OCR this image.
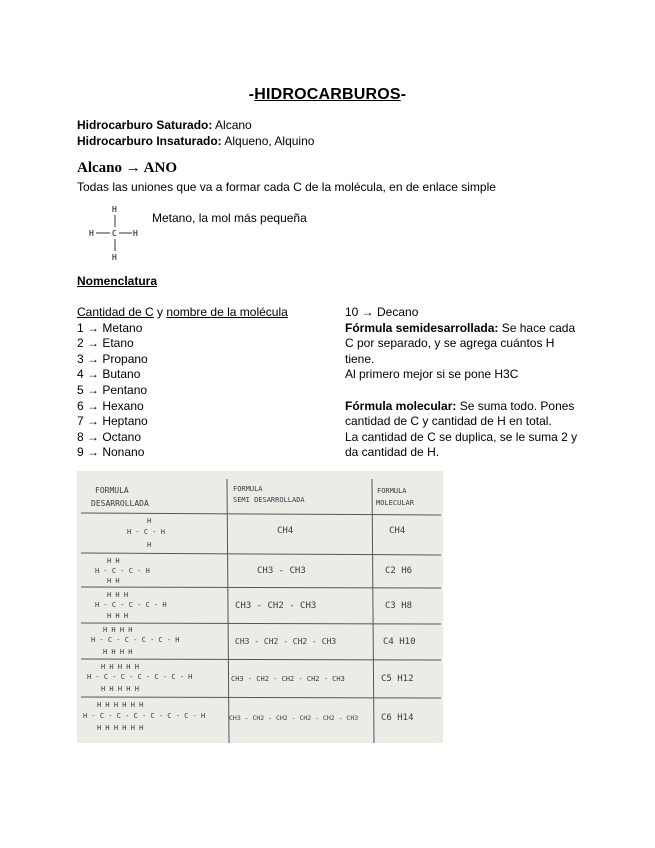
-HIDROCARBUROS-
Hidrocarburo Saturado: Alcano
Hidrocarburo Insaturado: Alqueno, Alquino
Alcano → ANO
Todas las uniones que va a formar cada C de la molécula, en de enlace simple
H
H C H
H
Metano, la mol más pequeña
Nomenclatura
Cantidad de C y nombre de la molécula
1 → Metano
2 → Etano
3 → Propano
4 → Butano
5 → Pentano
6 → Hexano
7 → Heptano
8 → Octano
9 → Nonano
10 → Decano
Fórmula semidesarrollada: Se hace cada
C por separado, y se agrega cuántos H
tiene.
Al primero mejor si se pone H3C
Fórmula molecular: Se suma todo. Pones
cantidad de C y cantidad de H en total.
La cantidad de C se duplica, se le suma 2 y
da cantidad de H.
FORMULA
DESARROLLADA
FORMULA
SEMI DESARROLLADA
FORMULA
MOLECULAR
H
H - C - H
H
H H
H - C - C - H
H H
H H H
H - C - C - C - H
H H H
H H H H
H - C - C - C - C - H
H H H H
H H H H H
H - C - C - C - C - C - H
H H H H H
H H H H H H
H - C - C - C - C - C - C - H
H H H H H H
CH4
CH3 - CH3
CH3 - CH2 - CH3
CH3 - CH2 - CH2 - CH3
CH3 - CH2 - CH2 - CH2 - CH3
CH3 - CH2 - CH2 - CH2 - CH2 - CH3
CH4
C2 H6
C3 H8
C4 H10
C5 H12
C6 H14
